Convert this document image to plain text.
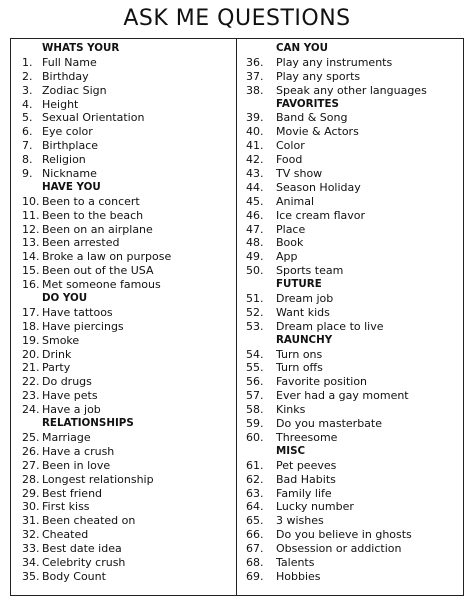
ASK ME QUESTIONS
WHATS YOUR
1. Full Name
2. Birthday
3. Zodiac Sign
4. Height
5. Sexual Orientation
6. Eye color
7. Birthplace
8. Religion
9. Nickname
HAVE YOU
10. Been to a concert
11. Been to the beach
12. Been on an airplane
13. Been arrested
14. Broke a law on purpose
15. Been out of the USA
16. Met someone famous
DO YOU
17. Have tattoos
18. Have piercings
19. Smoke
20. Drink
21. Party
22. Do drugs
23. Have pets
24. Have a job
RELATIONSHIPS
25. Marriage
26. Have a crush
27. Been in love
28. Longest relationship
29. Best friend
30. First kiss
31. Been cheated on
32. Cheated
33. Best date idea
34. Celebrity crush
35. Body Count
CAN YOU
36. Play any instruments
37. Play any sports
38. Speak any other languages
FAVORITES
39. Band & Song
40. Movie & Actors
41. Color
42. Food
43. TV show
44. Season Holiday
45. Animal
46. Ice cream flavor
47. Place
48. Book
49. App
50. Sports team
FUTURE
51. Dream job
52. Want kids
53. Dream place to live
RAUNCHY
54. Turn ons
55. Turn offs
56. Favorite position
57. Ever had a gay moment
58. Kinks
59. Do you masterbate
60. Threesome
MISC
61. Pet peeves
62. Bad Habits
63. Family life
64. Lucky number
65. 3 wishes
66. Do you believe in ghosts
67. Obsession or addiction
68. Talents
69. Hobbies
